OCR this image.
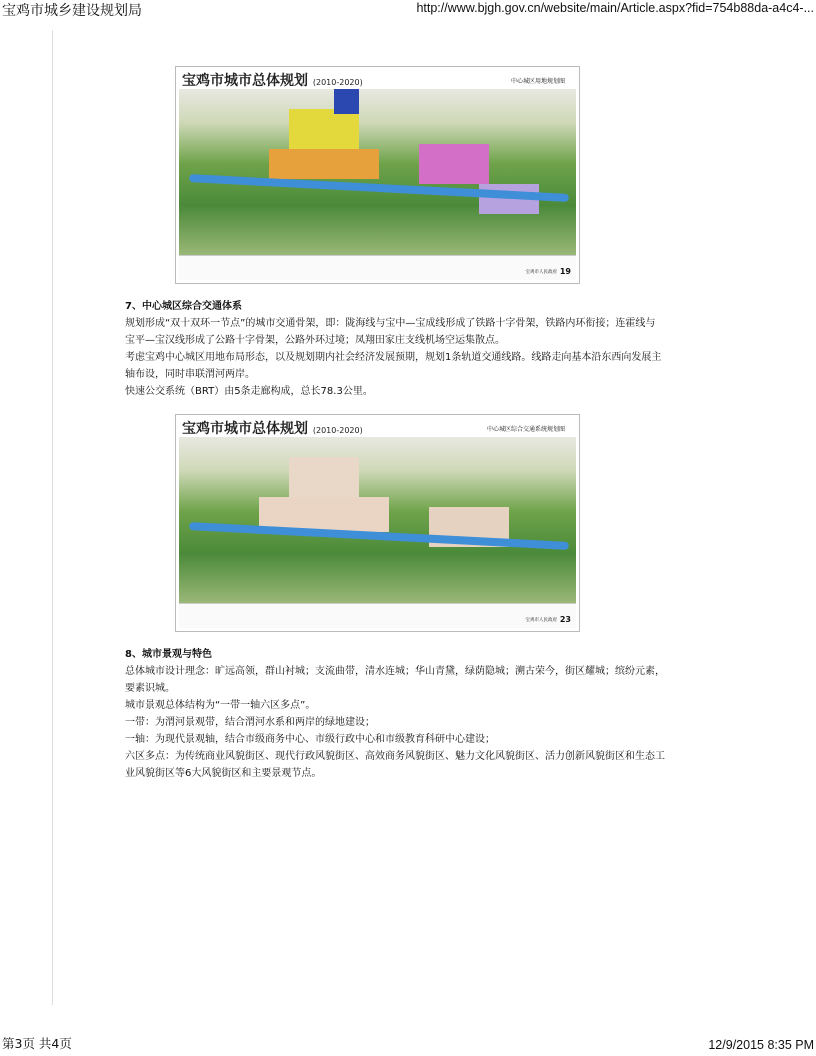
宝鸡市城乡建设规划局	http://www.bjgh.gov.cn/website/main/Article.aspx?fid=754b88da-a4c4-...
宝鸡市城市总体规划 (2010-2020)	中心城区用地规划图
宝鸡市人民政府 19
7、中心城区综合交通体系

规划形成“双十双环一节点”的城市交通骨架，即：陇海线与宝中—宝成线形成了铁路十字骨架，铁路内环衔接；连霍线与宝平—宝汉线形成了公路十字骨架，公路外环过境；凤翔田家庄支线机场空运集散点。

考虑宝鸡中心城区用地布局形态，以及规划期内社会经济发展预期，规划1条轨道交通线路。线路走向基本沿东西向发展主轴布设，同时串联渭河两岸。

快速公交系统（BRT）由5条走廊构成，总长78.3公里。

宝鸡市城市总体规划 (2010-2020)	中心城区综合交通系统规划图
宝鸡市人民政府 23
8、城市景观与特色

总体城市设计理念：旷远高领，群山衬城；支流曲带，清水连城；华山青黛，绿荫隐城；溯古荣今，街区耀城；缤纷元素，要素识城。

城市景观总体结构为“一带一轴六区多点”。

一带：为渭河景观带，结合渭河水系和两岸的绿地建设；

一轴：为现代景观轴，结合市级商务中心、市级行政中心和市级教育科研中心建设；

六区多点：为传统商业风貌街区、现代行政风貌街区、高效商务风貌街区、魅力文化风貌街区、活力创新风貌街区和生态工业风貌街区等6大风貌街区和主要景观节点。

第3页 共4页	12/9/2015 8:35 PM
